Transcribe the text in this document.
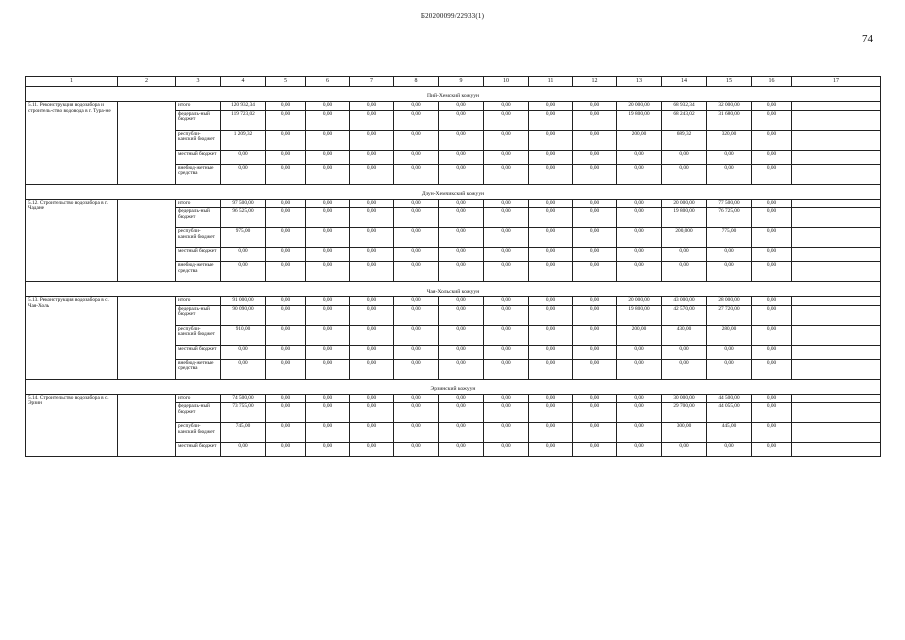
Б20200099/22933(1)
74
1	2	3	4	5	6	7	8	9	10	11	12	13	14	15	16	17
Пий-Хемский кожуун																
5.11. Реконструкция водозабора и строитель-ство водовода в г. Тура-не		итого	120 932,34	0,00	0,00	0,00	0,00	0,00	0,00	0,00	0,00	20 000,00	68 932,34	32 000,00	0,00	
		федераль-ный бюджет	119 723,02	0,00	0,00	0,00	0,00	0,00	0,00	0,00	0,00	19 800,00	68 243,02	31 680,00	0,00	
		республи-канский бюджет	1 209,32	0,00	0,00	0,00	0,00	0,00	0,00	0,00	0,00	200,00	689,32	320,00	0,00	
		местный бюджет	0,00	0,00	0,00	0,00	0,00	0,00	0,00	0,00	0,00	0,00	0,00	0,00	0,00	
		внебюд-жетные средства	0,00	0,00	0,00	0,00	0,00	0,00	0,00	0,00	0,00	0,00	0,00	0,00	0,00	
Дзун-Хемчикский кожуун																
5.12. Строительство водозабора в г. Чадане		итого	97 500,00	0,00	0,00	0,00	0,00	0,00	0,00	0,00	0,00	0,00	20 000,00	77 500,00	0,00	
		федераль-ный бюджет	96 525,00	0,00	0,00	0,00	0,00	0,00	0,00	0,00	0,00	0,00	19 800,00	76 725,00	0,00	
		республи-канский бюджет	975,00	0,00	0,00	0,00	0,00	0,00	0,00	0,00	0,00	0,00	200,000	775,00	0,00	
		местный бюджет	0,00	0,00	0,00	0,00	0,00	0,00	0,00	0,00	0,00	0,00	0,00	0,00	0,00	
		внебюд-жетные средства	0,00	0,00	0,00	0,00	0,00	0,00	0,00	0,00	0,00	0,00	0,00	0,00	0,00	
Чая-Хольский кожуун																
5.13. Реконструкция водозабора в с. Чая-Холь		итого	91 000,00	0,00	0,00	0,00	0,00	0,00	0,00	0,00	0,00	20 000,00	43 000,00	28 000,00	0,00	
		федераль-ный бюджет	90 090,00	0,00	0,00	0,00	0,00	0,00	0,00	0,00	0,00	19 800,00	42 570,00	27 720,00	0,00	
		республи-канский бюджет	910,00	0,00	0,00	0,00	0,00	0,00	0,00	0,00	0,00	200,00	430,00	280,00	0,00	
		местный бюджет	0,00	0,00	0,00	0,00	0,00	0,00	0,00	0,00	0,00	0,00	0,00	0,00	0,00	
		внебюд-жетные средства	0,00	0,00	0,00	0,00	0,00	0,00	0,00	0,00	0,00	0,00	0,00	0,00	0,00	
Эрзинский кожуун																
5.14. Строительство водозабора в с. Эрзин		итого	74 500,00	0,00	0,00	0,00	0,00	0,00	0,00	0,00	0,00	0,00	30 000,00	44 500,00	0,00	
		федераль-ный бюджет	73 755,00	0,00	0,00	0,00	0,00	0,00	0,00	0,00	0,00	0,00	29 700,00	44 055,00	0,00	
		республи-канский бюджет	745,00	0,00	0,00	0,00	0,00	0,00	0,00	0,00	0,00	0,00	300,00	445,00	0,00	
		местный бюджет	0,00	0,00	0,00	0,00	0,00	0,00	0,00	0,00	0,00	0,00	0,00	0,00	0,00	
